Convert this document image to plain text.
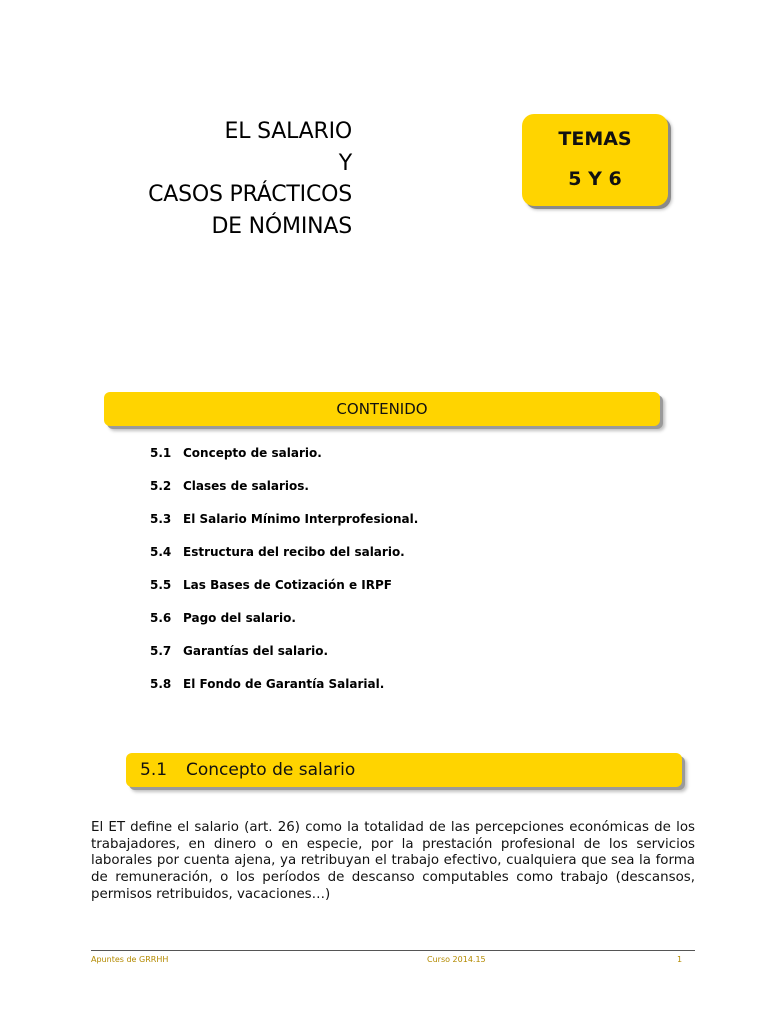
EL SALARIO
Y
CASOS PRÁCTICOS
DE NÓMINAS
TEMAS
5 Y 6
CONTENIDO
5.1 Concepto de salario.
5.2 Clases de salarios.
5.3 El Salario Mínimo Interprofesional.
5.4 Estructura del recibo del salario.
5.5 Las Bases de Cotización e IRPF
5.6 Pago del salario.
5.7 Garantías del salario.
5.8 El Fondo de Garantía Salarial.
5.1 Concepto de salario

El ET define el salario (art. 26) como la totalidad de las percepciones económicas de los trabajadores, en dinero o en especie, por la prestación profesional de los servicios laborales por cuenta ajena, ya retribuyan el trabajo efectivo, cualquiera que sea la forma de remuneración, o los períodos de descanso computables como trabajo (descansos, permisos retribuidos, vacaciones…)

Apuntes de GRRHH	Curso 2014.15	1
